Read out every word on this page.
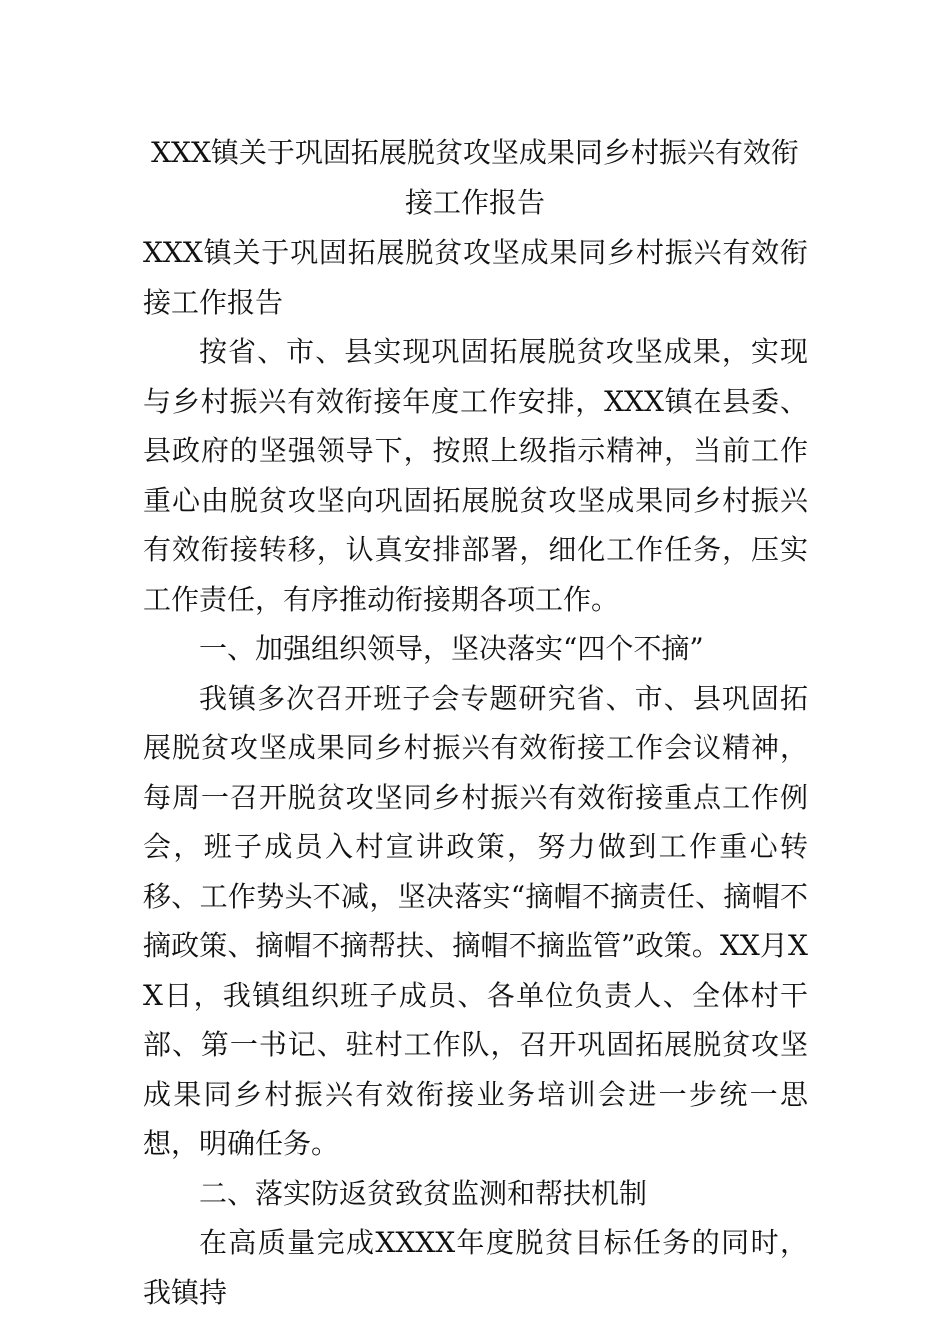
XXX镇关于巩固拓展脱贫攻坚成果同乡村振兴有效衔接工作报告

XXX镇关于巩固拓展脱贫攻坚成果同乡村振兴有效衔接工作报告

按省、市、县实现巩固拓展脱贫攻坚成果，实现与乡村振兴有效衔接年度工作安排，XXX镇在县委、县政府的坚强领导下，按照上级指示精神，当前工作重心由脱贫攻坚向巩固拓展脱贫攻坚成果同乡村振兴有效衔接转移，认真安排部署，细化工作任务，压实工作责任，有序推动衔接期各项工作。

一、加强组织领导，坚决落实“四个不摘”

我镇多次召开班子会专题研究省、市、县巩固拓展脱贫攻坚成果同乡村振兴有效衔接工作会议精神，每周一召开脱贫攻坚同乡村振兴有效衔接重点工作例会，班子成员入村宣讲政策，努力做到工作重心转移、工作势头不减，坚决落实“摘帽不摘责任、摘帽不摘政策、摘帽不摘帮扶、摘帽不摘监管”政策。XX月XX日，我镇组织班子成员、各单位负责人、全体村干部、第一书记、驻村工作队，召开巩固拓展脱贫攻坚成果同乡村振兴有效衔接业务培训会进一步统一思想，明确任务。

二、落实防返贫致贫监测和帮扶机制

在高质量完成XXXX年度脱贫目标任务的同时，我镇持
